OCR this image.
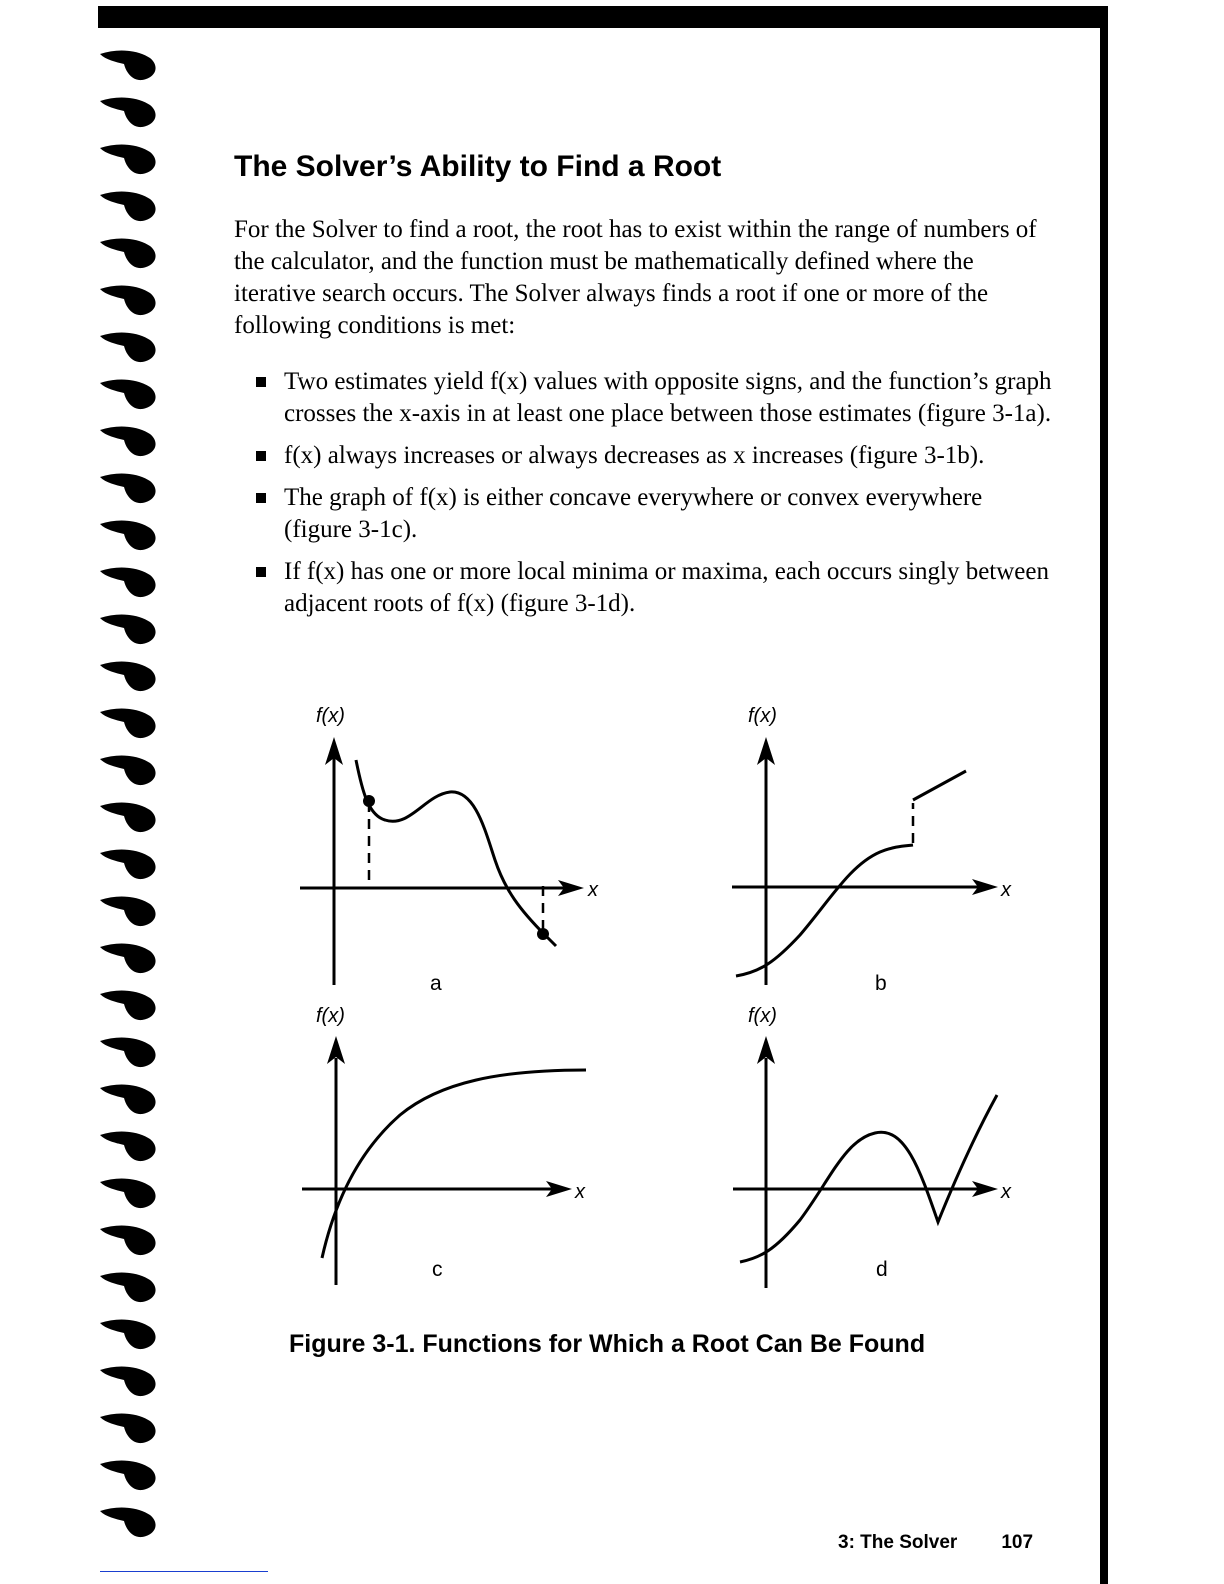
The Solver’s Ability to Find a Root

For the Solver to find a root, the root has to exist within the range of numbers of the calculator, and the function must be mathematically defined where the iterative search occurs. The Solver always finds a root if one or more of the following conditions is met:

Two estimates yield f(x) values with opposite signs, and the function’s graph crosses the x-axis in at least one place between those estimates (figure 3-1a).
f(x) always increases or always decreases as x increases (figure 3-1b).
The graph of f(x) is either concave everywhere or convex everywhere (figure 3-1c).
If f(x) has one or more local minima or maxima, each occurs singly between adjacent roots of f(x) (figure 3-1d).
f(x)
x
a
f(x)
x
b
f(x)
x
c
f(x)
x
d

Figure 3-1. Functions for Which a Root Can Be Found

3: The Solver 107
